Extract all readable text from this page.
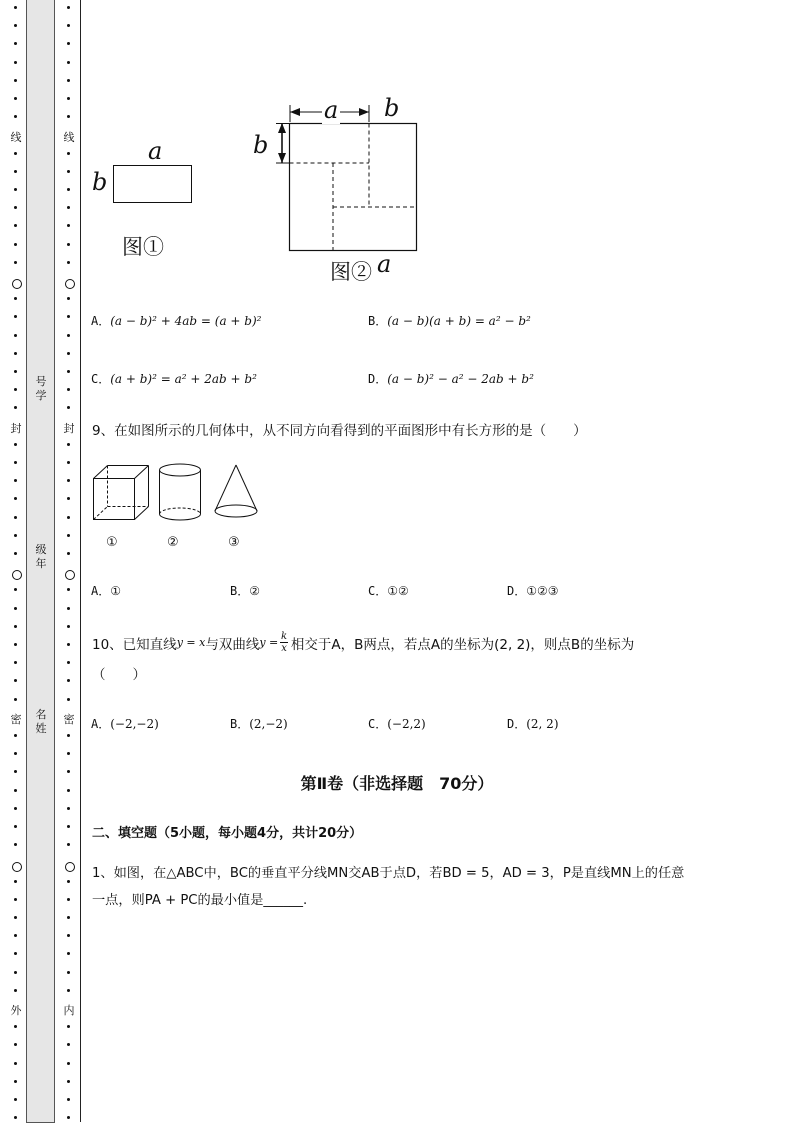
线
封
密
外
线
封
密
内
号
学
级
年
名
姓
a
b
图①
a b
b
图② a
A．(a − b)² + 4ab = (a + b)²	B．(a − b)(a + b) = a² − b²
C．(a + b)² = a² + 2ab + b²	D．(a − b)² − a² − 2ab + b²
9、在如图所示的几何体中，从不同方向看得到的平面图形中有长方形的是（　　）
①	②	③
A．①	B．②	C．①②	D．①②③
10、已知直线 y = x 与双曲线 $y = \frac{k}{x}$ 相交于A，B两点，若点A的坐标为(2, 2)，则点B的坐标为
（　　）
A．(−2,−2)	B．(2,−2)	C．(−2,2)	D．(2, 2)
第Ⅱ卷（非选择题　70分）
二、填空题（5小题，每小题4分，共计20分）
1、如图，在△ABC中，BC的垂直平分线MN交AB于点D，若BD = 5，AD = 3，P是直线MN上的任意
一点，则PA + PC的最小值是______.
